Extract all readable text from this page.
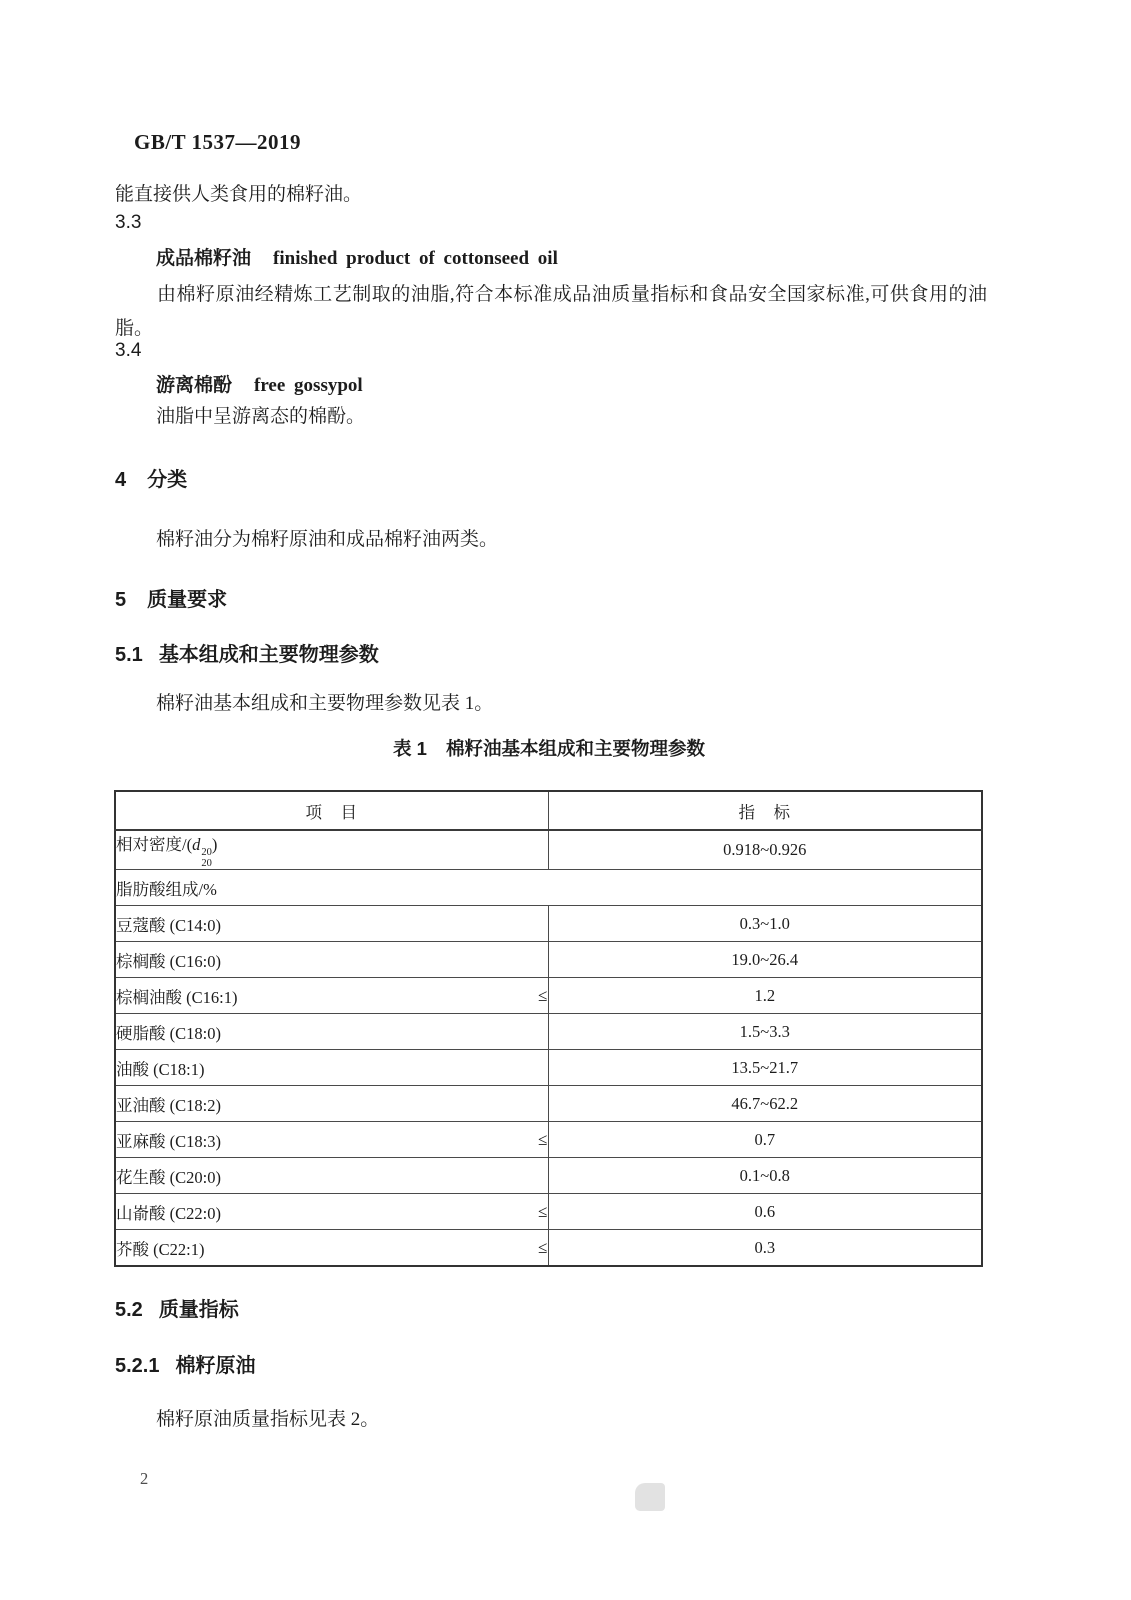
GB/T 1537—2019
能直接供人类食用的棉籽油。
3.3
成品棉籽油 finished product of cottonseed oil
由棉籽原油经精炼工艺制取的油脂,符合本标准成品油质量指标和食品安全国家标准,可供食用的油脂。
3.4
游离棉酚 free gossypol
油脂中呈游离态的棉酚。
4 分类
棉籽油分为棉籽原油和成品棉籽油两类。
5 质量要求
5.1 基本组成和主要物理参数
棉籽油基本组成和主要物理参数见表 1。
表 1 棉籽油基本组成和主要物理参数
项　目	指　标
相对密度/(d 20
20
)	0.918~0.926
脂肪酸组成/%	

豆蔻酸 (C14:0)	0.3~1.0

棕榈酸 (C16:0)	19.0~26.4

棕榈油酸 (C16:1) ≤	1.2

硬脂酸 (C18:0)	1.5~3.3

油酸 (C18:1)	13.5~21.7

亚油酸 (C18:2)	46.7~62.2

亚麻酸 (C18:3) ≤	0.7

花生酸 (C20:0)	0.1~0.8

山嵛酸 (C22:0) ≤	0.6

芥酸 (C22:1) ≤	0.3
5.2 质量指标
5.2.1 棉籽原油
棉籽原油质量指标见表 2。
2
